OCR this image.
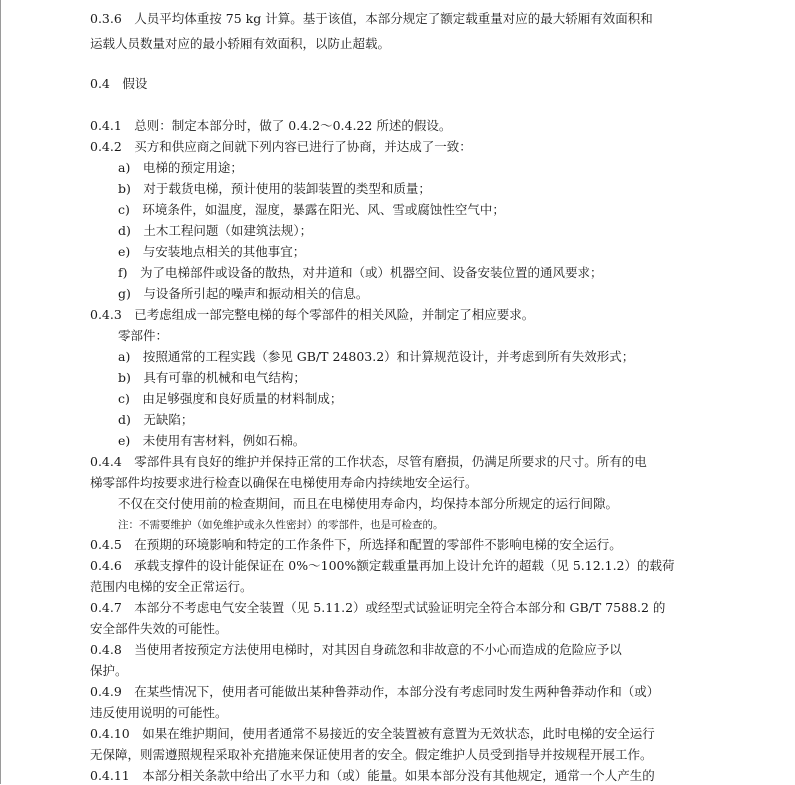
0.3.6　人员平均体重按 75 kg 计算。基于该值，本部分规定了额定载重量对应的最大轿厢有效面积和
运载人员数量对应的最小轿厢有效面积，以防止超载。
0.4　假设
0.4.1　总则：制定本部分时，做了 0.4.2～0.4.22 所述的假设。
0.4.2　买方和供应商之间就下列内容已进行了协商，并达成了一致：
a)　电梯的预定用途；
b)　对于载货电梯，预计使用的装卸装置的类型和质量；
c)　环境条件，如温度，湿度，暴露在阳光、风、雪或腐蚀性空气中；
d)　土木工程问题（如建筑法规）；
e)　与安装地点相关的其他事宜；
f)　为了电梯部件或设备的散热，对井道和（或）机器空间、设备安装位置的通风要求；
g)　与设备所引起的噪声和振动相关的信息。
0.4.3　已考虑组成一部完整电梯的每个零部件的相关风险，并制定了相应要求。
零部件：
a)　按照通常的工程实践（参见 GB/T 24803.2）和计算规范设计，并考虑到所有失效形式；
b)　具有可靠的机械和电气结构；
c)　由足够强度和良好质量的材料制成；
d)　无缺陷；
e)　未使用有害材料，例如石棉。
0.4.4　零部件具有良好的维护并保持正常的工作状态，尽管有磨损，仍满足所要求的尺寸。所有的电
梯零部件均按要求进行检查以确保在电梯使用寿命内持续地安全运行。
不仅在交付使用前的检查期间，而且在电梯使用寿命内，均保持本部分所规定的运行间隙。
注：不需要维护（如免维护或永久性密封）的零部件，也是可检查的。
0.4.5　在预期的环境影响和特定的工作条件下，所选择和配置的零部件不影响电梯的安全运行。
0.4.6　承载支撑件的设计能保证在 0%～100%额定载重量再加上设计允许的超载（见 5.12.1.2）的载荷
范围内电梯的安全正常运行。
0.4.7　本部分不考虑电气安全装置（见 5.11.2）或经型式试验证明完全符合本部分和 GB/T 7588.2 的
安全部件失效的可能性。
0.4.8　当使用者按预定方法使用电梯时，对其因自身疏忽和非故意的不小心而造成的危险应予以
保护。
0.4.9　在某些情况下，使用者可能做出某种鲁莽动作，本部分没有考虑同时发生两种鲁莽动作和（或）
违反使用说明的可能性。
0.4.10　如果在维护期间，使用者通常不易接近的安全装置被有意置为无效状态，此时电梯的安全运行
无保障，则需遵照规程采取补充措施来保证使用者的安全。假定维护人员受到指导并按规程开展工作。
0.4.11　本部分相关条款中给出了水平力和（或）能量。如果本部分没有其他规定，通常一个人产生的
